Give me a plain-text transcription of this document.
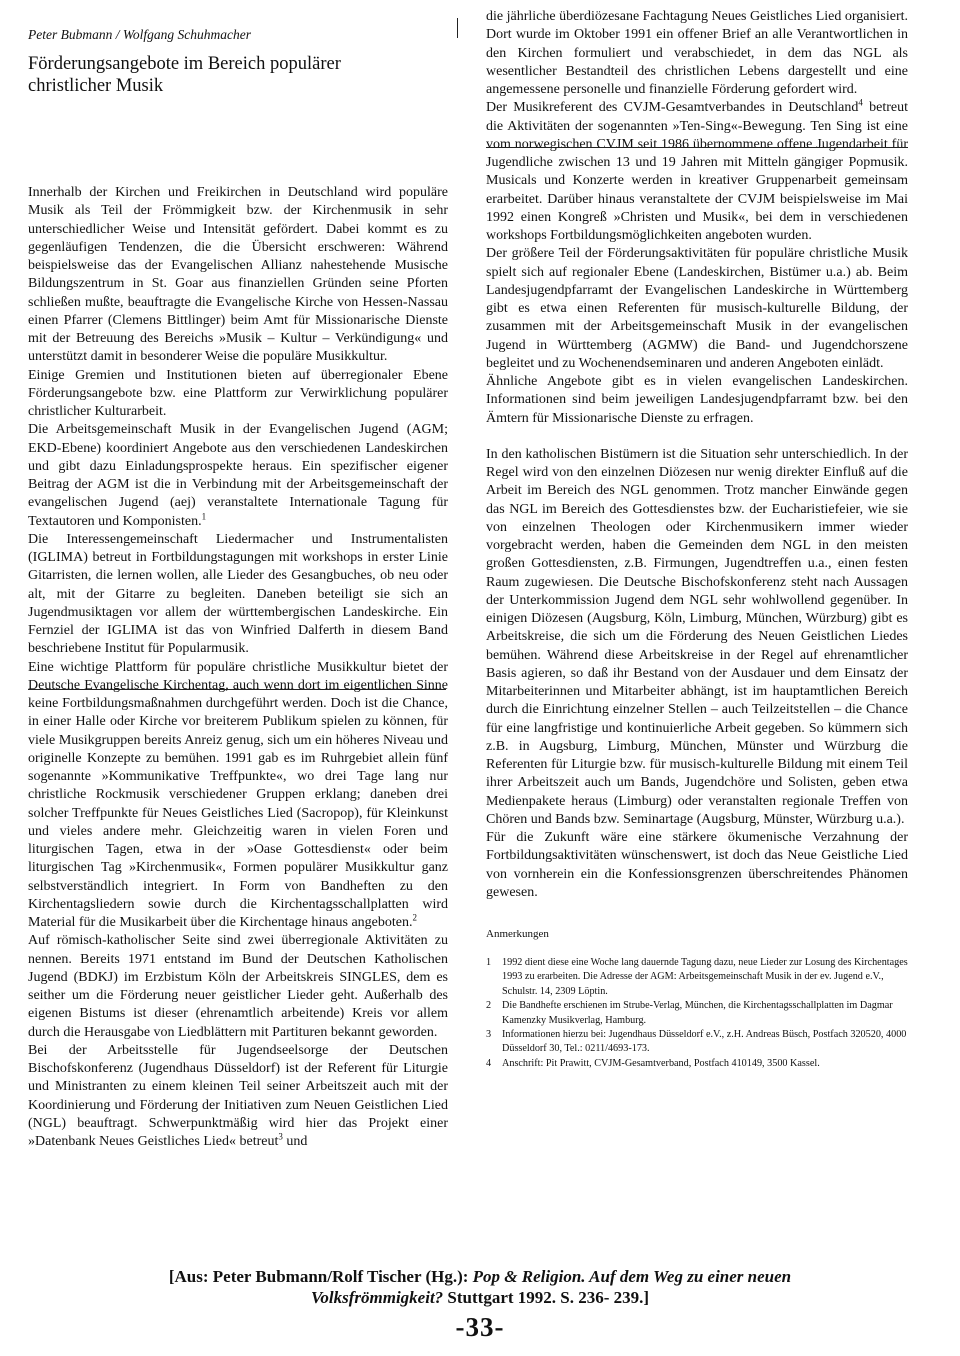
Peter Bubmann / Wolfgang Schuhmacher
Förderungsangebote im Bereich populärer christlicher Musik

Innerhalb der Kirchen und Freikirchen in Deutschland wird populäre Musik als Teil der Frömmigkeit bzw. der Kirchenmusik in sehr unterschiedlicher Weise und Intensität gefördert. Dabei kommt es zu gegenläufigen Tendenzen, die die Übersicht erschweren: Während beispielsweise das der Evangelischen Allianz nahestehende Musische Bildungszentrum in St. Goar aus finanziellen Gründen seine Pforten schließen mußte, beauftragte die Evangelische Kirche von Hessen-Nassau einen Pfarrer (Clemens Bittlinger) beim Amt für Missionarische Dienste mit der Betreuung des Bereichs »Musik – Kultur – Verkündigung« und unterstützt damit in besonderer Weise die populäre Musikkultur.

Einige Gremien und Institutionen bieten auf überregionaler Ebene Förderungsangebote bzw. eine Plattform zur Verwirklichung populärer christlicher Kulturarbeit.

Die Arbeitsgemeinschaft Musik in der Evangelischen Jugend (AGM; EKD-Ebene) koordiniert Angebote aus den verschiedenen Landeskirchen und gibt dazu Einladungsprospekte heraus. Ein spezifischer eigener Beitrag der AGM ist die in Verbindung mit der Arbeitsgemeinschaft der evangelischen Jugend (aej) veranstaltete Internationale Tagung für Textautoren und Komponisten.$^1$

Die Interessengemeinschaft Liedermacher und Instrumentalisten (IGLIMA) betreut in Fortbildungstagungen mit workshops in erster Linie Gitarristen, die lernen wollen, alle Lieder des Gesangbuches, ob neu oder alt, mit der Gitarre zu begleiten. Daneben beteiligt sie sich an Jugendmusiktagen vor allem der württembergischen Landeskirche. Ein Fernziel der IGLIMA ist das von Winfried Dalferth in diesem Band beschriebene Institut für Popularmusik.

Eine wichtige Plattform für populäre christliche Musikkultur bietet der Deutsche Evangelische Kirchentag, auch wenn dort im eigentlichen Sinne keine Fortbildungsmaßnahmen durchgeführt werden. Doch ist die Chance, in einer Halle oder Kirche vor breiterem Publikum spielen zu können, für viele Musikgruppen bereits Anreiz genug, sich um ein höheres Niveau und originelle Konzepte zu bemühen. 1991 gab es im Ruhrgebiet allein fünf sogenannte »Kommunikative Treffpunkte«, wo drei Tage lang nur christliche Rockmusik verschiedener Gruppen erklang; daneben drei solcher Treffpunkte für Neues Geistliches Lied (Sacropop), für Kleinkunst und vieles andere mehr. Gleichzeitig waren in vielen Foren und liturgischen Tagen, etwa in der »Oase Gottesdienst« oder beim liturgischen Tag »Kirchenmusik«, Formen populärer Musikkultur ganz selbstverständlich integriert. In Form von Bandheften zu den Kirchentagsliedern sowie durch die Kirchentagsschallplatten wird Material für die Musikarbeit über die Kirchentage hinaus angeboten.$^2$

Auf römisch-katholischer Seite sind zwei überregionale Aktivitäten zu nennen. Bereits 1971 entstand im Bund der Deutschen Katholischen Jugend (BDKJ) im Erzbistum Köln der Arbeitskreis SINGLES, dem es seither um die Förderung neuer geistlicher Lieder geht. Außerhalb des eigenen Bistums ist dieser (ehrenamtlich arbeitende) Kreis vor allem durch die Herausgabe von Liedblättern mit Partituren bekannt geworden.

Bei der Arbeitsstelle für Jugendseelsorge der Deutschen Bischofskonferenz (Jugendhaus Düsseldorf) ist der Referent für Liturgie und Ministranten zu einem kleinen Teil seiner Arbeitszeit auch mit der Koordinierung und Förderung der Initiativen zum Neuen Geistlichen Lied (NGL) beauftragt. Schwerpunktmäßig wird hier das Projekt einer »Datenbank Neues Geistliches Lied« betreut$^3$ und

die jährliche überdiözesane Fachtagung Neues Geistliches Lied organisiert. Dort wurde im Oktober 1991 ein offener Brief an alle Verantwortlichen in den Kirchen formuliert und verabschiedet, in dem das NGL als wesentlicher Bestandteil des christlichen Lebens dargestellt und eine angemessene personelle und finanzielle Förderung gefordert wird.

Der Musikreferent des CVJM-Gesamtverbandes in Deutschland$^4$ betreut die Aktivitäten der sogenannten »Ten-Sing«-Bewegung. Ten Sing ist eine vom norwegischen CVJM seit 1986 übernommene offene Jugendarbeit für Jugendliche zwischen 13 und 19 Jahren mit Mitteln gängiger Popmusik. Musicals und Konzerte werden in kreativer Gruppenarbeit gemeinsam erarbeitet. Darüber hinaus veranstaltete der CVJM beispielsweise im Mai 1992 einen Kongreß »Christen und Musik«, bei dem in verschiedenen workshops Fortbildungsmöglichkeiten angeboten wurden.

Der größere Teil der Förderungsaktivitäten für populäre christliche Musik spielt sich auf regionaler Ebene (Landeskirchen, Bistümer u.a.) ab. Beim Landesjugendpfarramt der Evangelischen Landeskirche in Württemberg gibt es etwa einen Referenten für musisch-kulturelle Bildung, der zusammen mit der Arbeitsgemeinschaft Musik in der evangelischen Jugend in Württemberg (AGMW) die Band- und Jugendchorszene begleitet und zu Wochenendseminaren und anderen Angeboten einlädt.

Ähnliche Angebote gibt es in vielen evangelischen Landeskirchen. Informationen sind beim jeweiligen Landesjugendpfarramt bzw. bei den Ämtern für Missionarische Dienste zu erfragen.

In den katholischen Bistümern ist die Situation sehr unterschiedlich. In der Regel wird von den einzelnen Diözesen nur wenig direkter Einfluß auf die Arbeit im Bereich des NGL genommen. Trotz mancher Einwände gegen das NGL im Bereich des Gottesdienstes bzw. der Eucharistiefeier, wie sie von einzelnen Theologen oder Kirchenmusikern immer wieder vorgebracht werden, haben die Gemeinden dem NGL in den meisten großen Gottesdiensten, z.B. Firmungen, Jugendtreffen u.a., einen festen Raum zugewiesen. Die Deutsche Bischofskonferenz steht nach Aussagen der Unterkommission Jugend dem NGL sehr wohlwollend gegenüber. In einigen Diözesen (Augsburg, Köln, Limburg, München, Würzburg) gibt es Arbeitskreise, die sich um die Förderung des Neuen Geistlichen Liedes bemühen. Während diese Arbeitskreise in der Regel auf ehrenamtlicher Basis agieren, so daß ihr Bestand von der Ausdauer und dem Einsatz der Mitarbeiterinnen und Mitarbeiter abhängt, ist im hauptamtlichen Bereich durch die Einrichtung einzelner Stellen – auch Teilzeitstellen – die Chance für eine langfristige und kontinuierliche Arbeit gegeben. So kümmern sich z.B. in Augsburg, Limburg, München, Münster und Würzburg die Referenten für Liturgie bzw. für musisch-kulturelle Bildung mit einem Teil ihrer Arbeitszeit auch um Bands, Jugendchöre und Solisten, geben etwa Medienpakete heraus (Limburg) oder veranstalten regionale Treffen von Chören und Bands bzw. Seminartage (Augsburg, Münster, Würzburg u.a.).

Für die Zukunft wäre eine stärkere ökumenische Verzahnung der Fortbildungsaktivitäten wünschenswert, ist doch das Neue Geistliche Lied von vornherein ein die Konfessionsgrenzen überschreitendes Phänomen gewesen.

Anmerkungen
1	1992 dient diese eine Woche lang dauernde Tagung dazu, neue Lieder zur Losung des Kirchentages 1993 zu erarbeiten. Die Adresse der AGM: Arbeitsgemeinschaft Musik in der ev. Jugend e.V., Schulstr. 14, 2309 Löptin.
2	Die Bandhefte erschienen im Strube-Verlag, München, die Kirchentagsschallplatten im Dagmar Kamenzky Musikverlag, Hamburg.
3	Informationen hierzu bei: Jugendhaus Düsseldorf e.V., z.H. Andreas Büsch, Postfach 320520, 4000 Düsseldorf 30, Tel.: 0211/4693-173.
4	Anschrift: Pit Prawitt, CVJM-Gesamtverband, Postfach 410149, 3500 Kassel.
[Aus: Peter Bubmann/Rolf Tischer (Hg.): Pop & Religion. Auf dem Weg zu einer neuen
Volksfrömmigkeit? Stuttgart 1992. S. 236- 239.]
-33-
